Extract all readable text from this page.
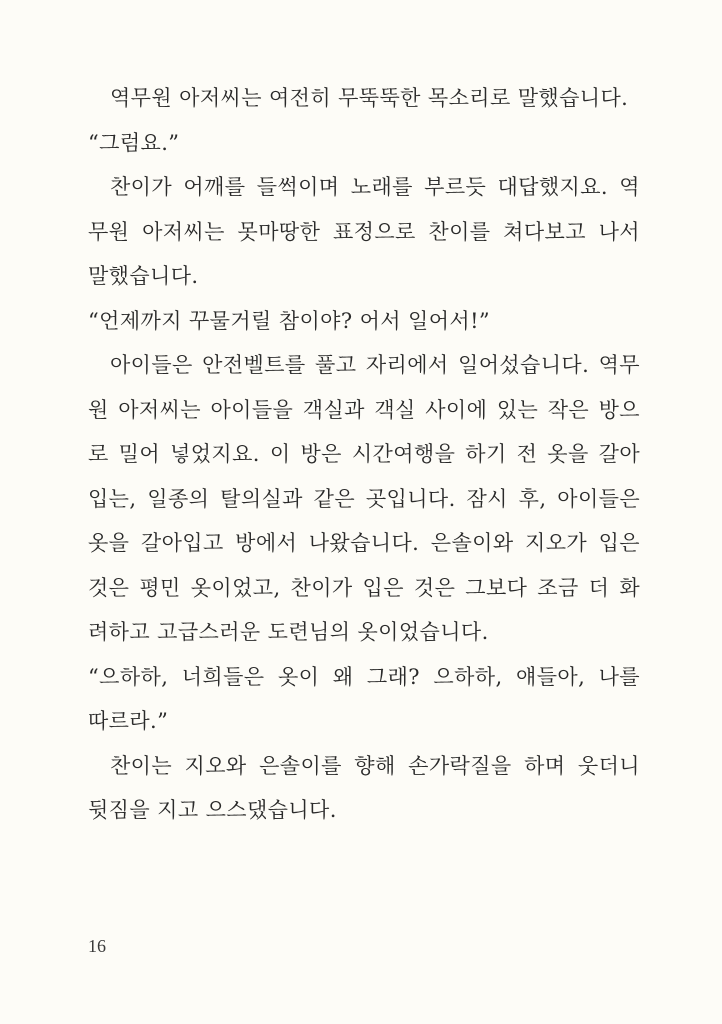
역무원 아저씨는 여전히 무뚝뚝한 목소리로 말했습니다.
“그럼요.”
찬이가 어깨를 들썩이며 노래를 부르듯 대답했지요. 역
무원 아저씨는 못마땅한 표정으로 찬이를 쳐다보고 나서
말했습니다.
“언제까지 꾸물거릴 참이야? 어서 일어서!”
아이들은 안전벨트를 풀고 자리에서 일어섰습니다. 역무
원 아저씨는 아이들을 객실과 객실 사이에 있는 작은 방으
로 밀어 넣었지요. 이 방은 시간여행을 하기 전 옷을 갈아
입는, 일종의 탈의실과 같은 곳입니다. 잠시 후, 아이들은
옷을 갈아입고 방에서 나왔습니다. 은솔이와 지오가 입은
것은 평민 옷이었고, 찬이가 입은 것은 그보다 조금 더 화
려하고 고급스러운 도련님의 옷이었습니다.
“으하하, 너희들은 옷이 왜 그래? 으하하, 얘들아, 나를
따르라.”
찬이는 지오와 은솔이를 향해 손가락질을 하며 웃더니
뒷짐을 지고 으스댔습니다.
16
